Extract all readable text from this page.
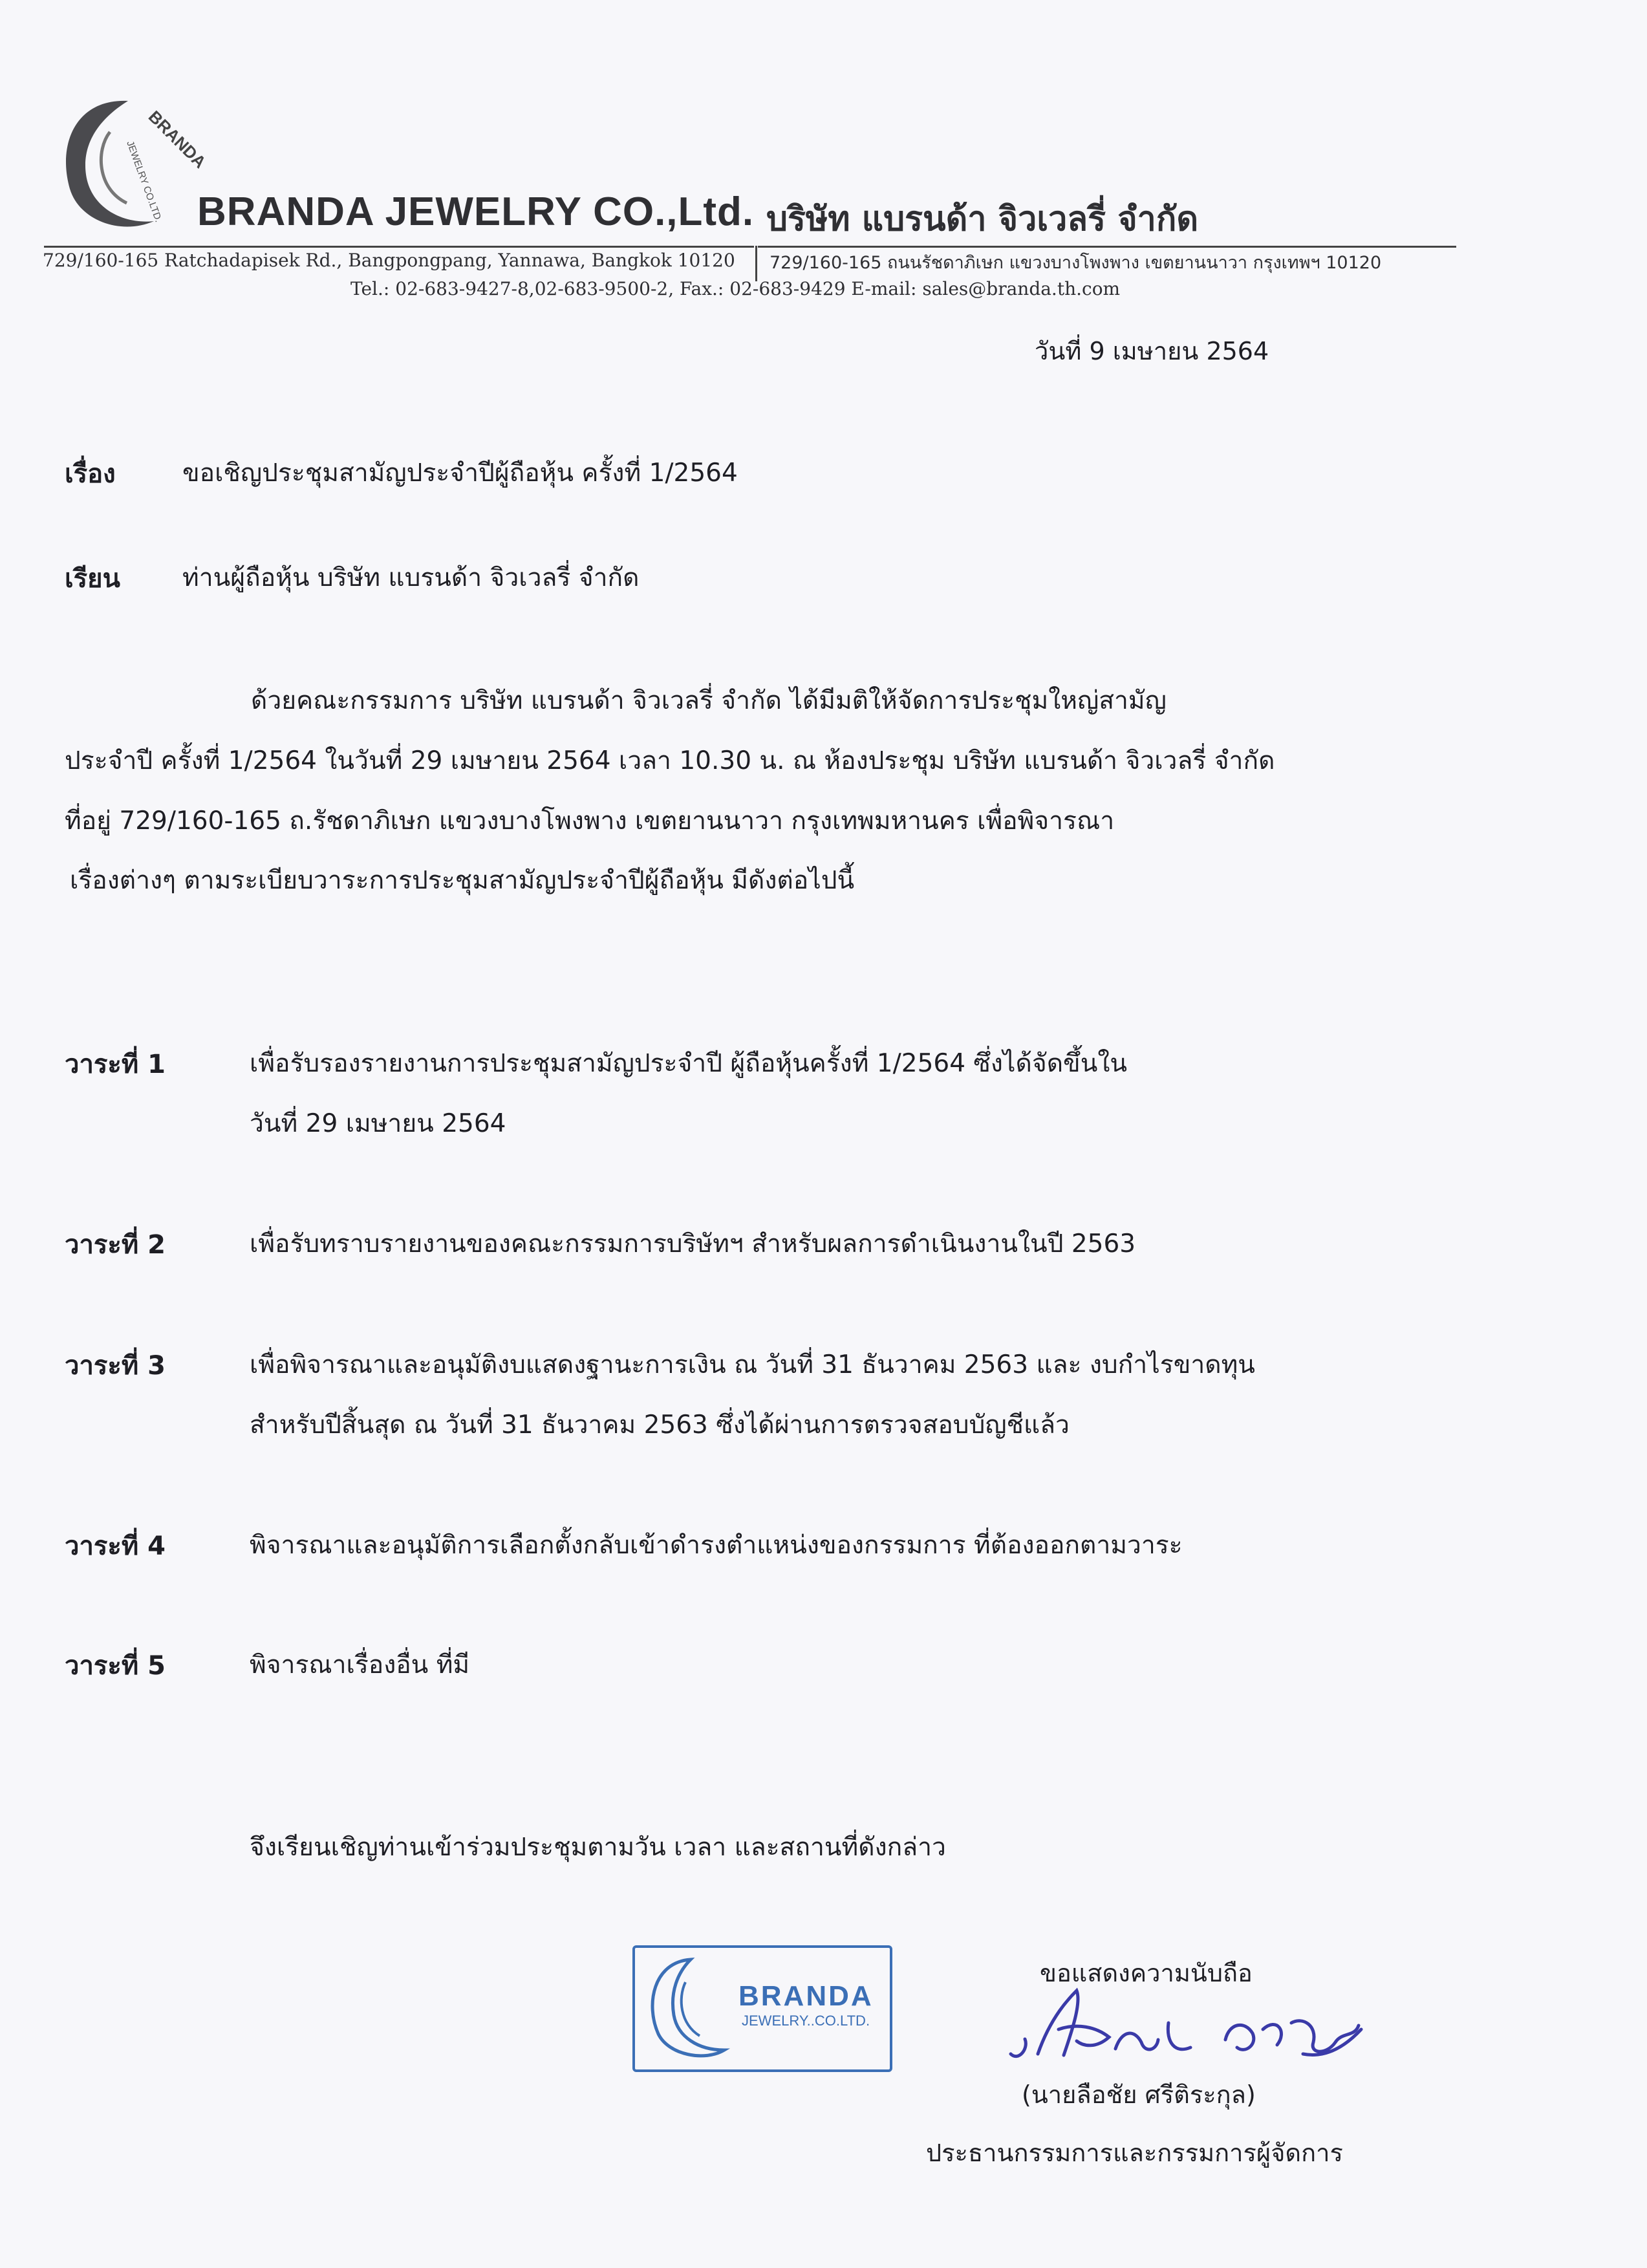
BRANDA
JEWELRY CO.LTD. BRANDA JEWELRY CO.,Ltd. บริษัท แบรนด้า จิวเวลรี่ จำกัด
729/160-165 Ratchadapisek Rd., Bangpongpang, Yannawa, Bangkok 10120 729/160-165 ถนนรัชดาภิเษก แขวงบางโพงพาง เขตยานนาวา กรุงเทพฯ 10120
Tel.: 02-683-9427-8,02-683-9500-2, Fax.: 02-683-9429 E-mail: sales@branda.th.com
วันที่ 9 เมษายน 2564
เรื่อง	ขอเชิญประชุมสามัญประจำปีผู้ถือหุ้น ครั้งที่ 1/2564
เรียน ท่านผู้ถือหุ้น บริษัท แบรนด้า จิวเวลรี่ จำกัด
ด้วยคณะกรรมการ บริษัท แบรนด้า จิวเวลรี่ จำกัด ได้มีมติให้จัดการประชุมใหญ่สามัญ
ประจำปี ครั้งที่ 1/2564 ในวันที่ 29 เมษายน 2564 เวลา 10.30 น. ณ ห้องประชุม บริษัท แบรนด้า จิวเวลรี่ จำกัด
ที่อยู่ 729/160-165 ถ.รัชดาภิเษก แขวงบางโพงพาง เขตยานนาวา กรุงเทพมหานคร เพื่อพิจารณา
เรื่องต่างๆ ตามระเบียบวาระการประชุมสามัญประจำปีผู้ถือหุ้น มีดังต่อไปนี้
วาระที่ 1	เพื่อรับรองรายงานการประชุมสามัญประจำปี ผู้ถือหุ้นครั้งที่ 1/2564 ซึ่งได้จัดขึ้นใน
วันที่ 29 เมษายน 2564
วาระที่ 2	เพื่อรับทราบรายงานของคณะกรรมการบริษัทฯ สำหรับผลการดำเนินงานในปี 2563
วาระที่ 3	เพื่อพิจารณาและอนุมัติงบแสดงฐานะการเงิน ณ วันที่ 31 ธันวาคม 2563 และ งบกำไรขาดทุน
สำหรับปีสิ้นสุด ณ วันที่ 31 ธันวาคม 2563 ซึ่งได้ผ่านการตรวจสอบบัญชีแล้ว
วาระที่ 4	พิจารณาและอนุมัติการเลือกตั้งกลับเข้าดำรงตำแหน่งของกรรมการ ที่ต้องออกตามวาระ
วาระที่ 5	พิจารณาเรื่องอื่น ที่มี
จึงเรียนเชิญท่านเข้าร่วมประชุมตามวัน เวลา และสถานที่ดังกล่าว
BRANDA
JEWELRY..CO.LTD.
ขอแสดงความนับถือ
(นายลือชัย ศรีติระกุล)
ประธานกรรมการและกรรมการผู้จัดการ
